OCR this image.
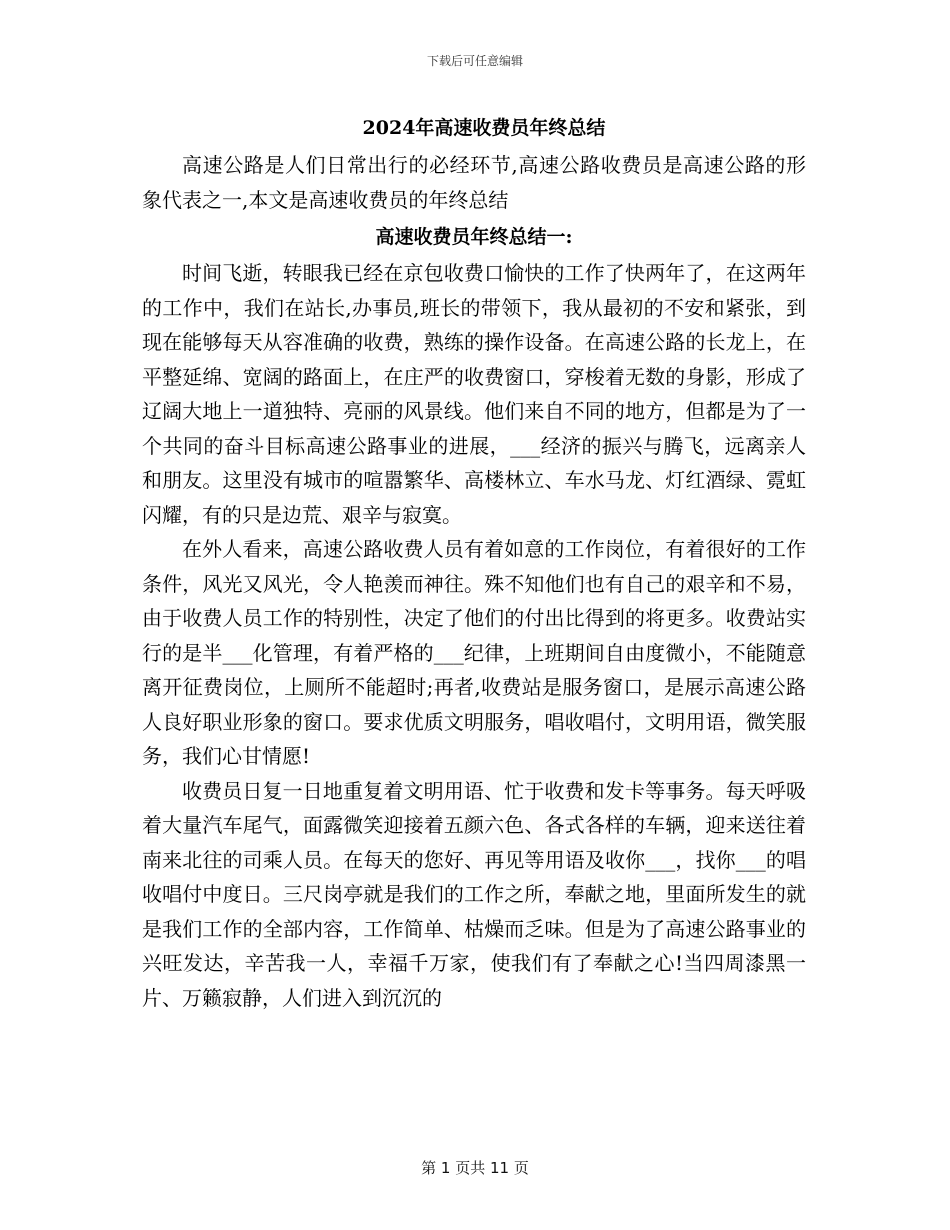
下载后可任意编辑
2024年高速收费员年终总结

高速公路是人们日常出行的必经环节,高速公路收费员是高速公路的形象代表之一,本文是高速收费员的年终总结

高速收费员年终总结一:

时间飞逝，转眼我已经在京包收费口愉快的工作了快两年了，在这两年的工作中，我们在站长,办事员,班长的带领下，我从最初的不安和紧张，到现在能够每天从容准确的收费，熟练的操作设备。在高速公路的长龙上，在平整延绵、宽阔的路面上，在庄严的收费窗口，穿梭着无数的身影，形成了辽阔大地上一道独特、亮丽的风景线。他们来自不同的地方，但都是为了一个共同的奋斗目标高速公路事业的进展，___经济的振兴与腾飞，远离亲人和朋友。这里没有城市的喧嚣繁华、高楼林立、车水马龙、灯红酒绿、霓虹闪耀，有的只是边荒、艰辛与寂寞。

在外人看来，高速公路收费人员有着如意的工作岗位，有着很好的工作条件，风光又风光，令人艳羡而神往。殊不知他们也有自己的艰辛和不易，由于收费人员工作的特别性，决定了他们的付出比得到的将更多。收费站实行的是半___化管理，有着严格的___纪律，上班期间自由度微小，不能随意离开征费岗位，上厕所不能超时;再者,收费站是服务窗口，是展示高速公路人良好职业形象的窗口。要求优质文明服务，唱收唱付，文明用语，微笑服务，我们心甘情愿!

收费员日复一日地重复着文明用语、忙于收费和发卡等事务。每天呼吸着大量汽车尾气，面露微笑迎接着五颜六色、各式各样的车辆，迎来送往着南来北往的司乘人员。在每天的您好、再见等用语及收你___，找你___的唱收唱付中度日。三尺岗亭就是我们的工作之所，奉献之地，里面所发生的就是我们工作的全部内容，工作简单、枯燥而乏味。但是为了高速公路事业的兴旺发达，辛苦我一人，幸福千万家，使我们有了奉献之心!当四周漆黑一片、万籁寂静，人们进入到沉沉的

第 1 页共 11 页
